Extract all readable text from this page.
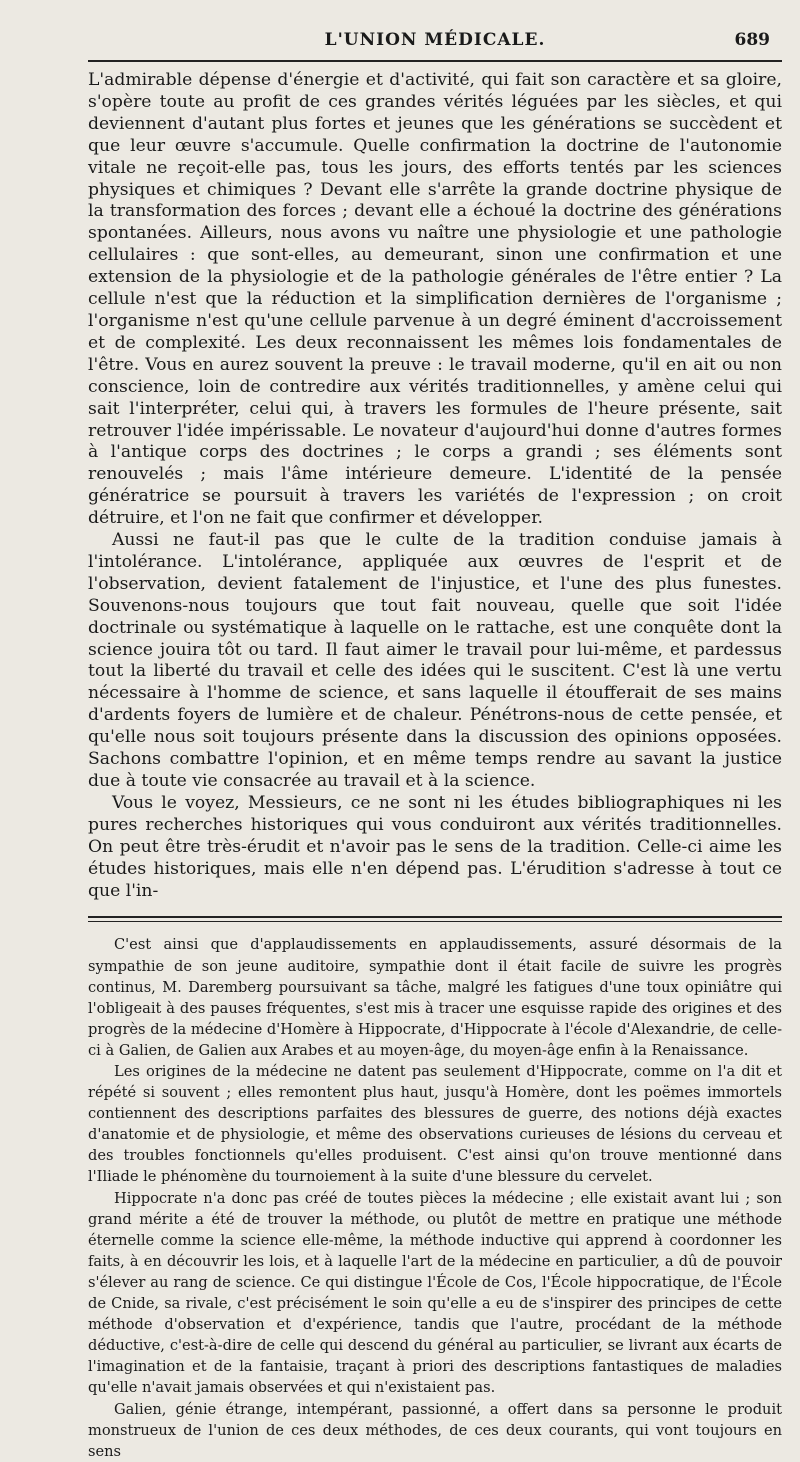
L'UNION MÉDICALE.	689

L'admirable dépense d'énergie et d'activité, qui fait son caractère et sa gloire, s'opère toute au profit de ces grandes vérités léguées par les siècles, et qui deviennent d'autant plus fortes et jeunes que les générations se succèdent et que leur œuvre s'accumule. Quelle confirmation la doctrine de l'autonomie vitale ne reçoit-elle pas, tous les jours, des efforts tentés par les sciences physiques et chimiques ? Devant elle s'arrête la grande doctrine physique de la transformation des forces ; devant elle a échoué la doctrine des générations spontanées. Ailleurs, nous avons vu naître une physiologie et une pathologie cellulaires : que sont-elles, au demeurant, sinon une confirmation et une extension de la physiologie et de la pathologie générales de l'être entier ? La cellule n'est que la réduction et la simplification dernières de l'organisme ; l'organisme n'est qu'une cellule parvenue à un degré éminent d'accroissement et de complexité. Les deux reconnaissent les mêmes lois fondamentales de l'être. Vous en aurez souvent la preuve : le travail moderne, qu'il en ait ou non conscience, loin de contredire aux vérités traditionnelles, y amène celui qui sait l'interpréter, celui qui, à travers les formules de l'heure présente, sait retrouver l'idée impérissable. Le novateur d'aujourd'hui donne d'autres formes à l'antique corps des doctrines ; le corps a grandi ; ses éléments sont renouvelés ; mais l'âme intérieure demeure. L'identité de la pensée génératrice se poursuit à travers les variétés de l'expression ; on croit détruire, et l'on ne fait que confirmer et développer.

Aussi ne faut-il pas que le culte de la tradition conduise jamais à l'intolérance. L'intolérance, appliquée aux œuvres de l'esprit et de l'observation, devient fatalement de l'injustice, et l'une des plus funestes. Souvenons-nous toujours que tout fait nouveau, quelle que soit l'idée doctrinale ou systématique à laquelle on le rattache, est une conquête dont la science jouira tôt ou tard. Il faut aimer le travail pour lui-même, et pardessus tout la liberté du travail et celle des idées qui le suscitent. C'est là une vertu nécessaire à l'homme de science, et sans laquelle il étoufferait de ses mains d'ardents foyers de lumière et de chaleur. Pénétrons-nous de cette pensée, et qu'elle nous soit toujours présente dans la discussion des opinions opposées. Sachons combattre l'opinion, et en même temps rendre au savant la justice due à toute vie consacrée au travail et à la science.

Vous le voyez, Messieurs, ce ne sont ni les études bibliographiques ni les pures recherches historiques qui vous conduiront aux vérités traditionnelles. On peut être très-érudit et n'avoir pas le sens de la tradition. Celle-ci aime les études historiques, mais elle n'en dépend pas. L'érudition s'adresse à tout ce que l'in-

C'est ainsi que d'applaudissements en applaudissements, assuré désormais de la sympathie de son jeune auditoire, sympathie dont il était facile de suivre les progrès continus, M. Daremberg poursuivant sa tâche, malgré les fatigues d'une toux opiniâtre qui l'obligeait à des pauses fréquentes, s'est mis à tracer une esquisse rapide des origines et des progrès de la médecine d'Homère à Hippocrate, d'Hippocrate à l'école d'Alexandrie, de celle-ci à Galien, de Galien aux Arabes et au moyen-âge, du moyen-âge enfin à la Renaissance.

Les origines de la médecine ne datent pas seulement d'Hippocrate, comme on l'a dit et répété si souvent ; elles remontent plus haut, jusqu'à Homère, dont les poëmes immortels contiennent des descriptions parfaites des blessures de guerre, des notions déjà exactes d'anatomie et de physiologie, et même des observations curieuses de lésions du cerveau et des troubles fonctionnels qu'elles produisent. C'est ainsi qu'on trouve mentionné dans l'Iliade le phénomène du tournoiement à la suite d'une blessure du cervelet.

Hippocrate n'a donc pas créé de toutes pièces la médecine ; elle existait avant lui ; son grand mérite a été de trouver la méthode, ou plutôt de mettre en pratique une méthode éternelle comme la science elle-même, la méthode inductive qui apprend à coordonner les faits, à en découvrir les lois, et à laquelle l'art de la médecine en particulier, a dû de pouvoir s'élever au rang de science. Ce qui distingue l'École de Cos, l'École hippocratique, de l'École de Cnide, sa rivale, c'est précisément le soin qu'elle a eu de s'inspirer des principes de cette méthode d'observation et d'expérience, tandis que l'autre, procédant de la méthode déductive, c'est-à-dire de celle qui descend du général au particulier, se livrant aux écarts de l'imagination et de la fantaisie, traçant à priori des descriptions fantastiques de maladies qu'elle n'avait jamais observées et qui n'existaient pas.

Galien, génie étrange, intempérant, passionné, a offert dans sa personne le produit monstrueux de l'union de ces deux méthodes, de ces deux courants, qui vont toujours en sens
